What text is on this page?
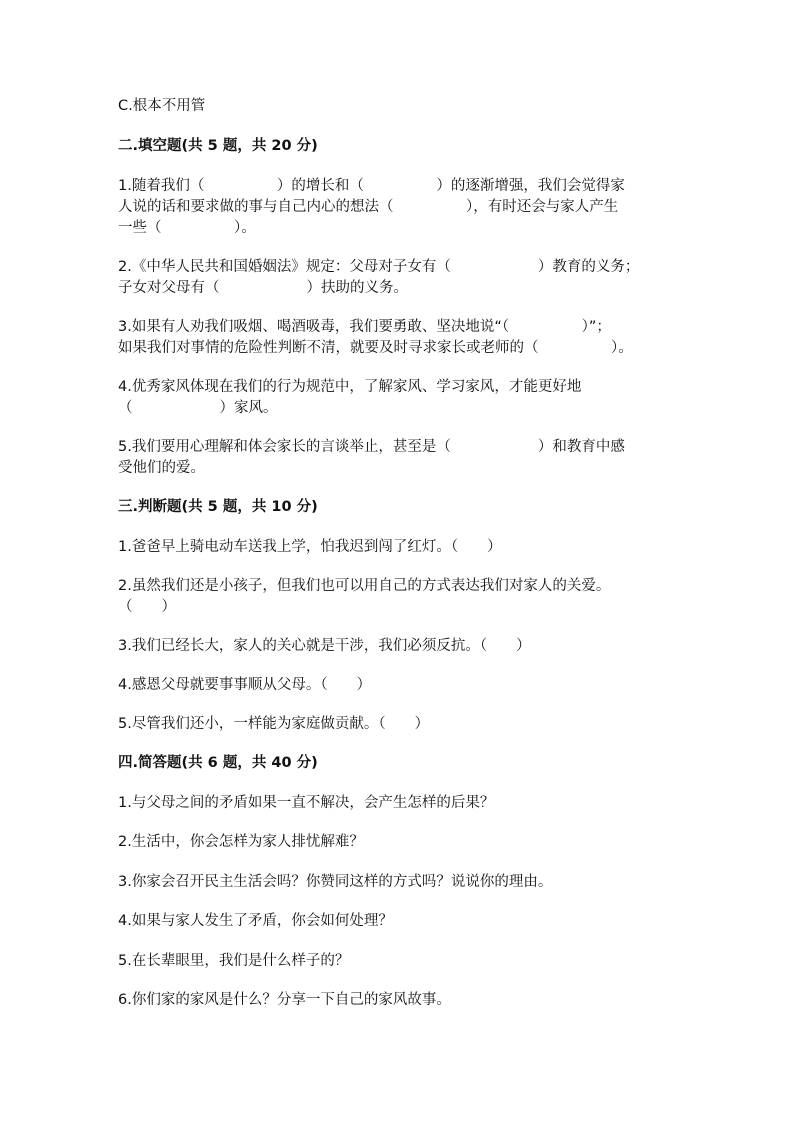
C.根本不用管
二.填空题(共 5 题，共 20 分)
1.随着我们（　　　　　）的增长和（　　　　　）的逐渐增强，我们会觉得家
人说的话和要求做的事与自己内心的想法（　　　　　），有时还会与家人产生
一些（　　　　　）。
2.《中华人民共和国婚姻法》规定：父母对子女有（　　　　　　）教育的义务；
子女对父母有（　　　　　　）扶助的义务。
3.如果有人劝我们吸烟、喝酒吸毒，我们要勇敢、坚决地说“（　　　　　）”；
如果我们对事情的危险性判断不清，就要及时寻求家长或老师的（　　　　　）。
4.优秀家风体现在我们的行为规范中，了解家风、学习家风，才能更好地
（　　　　　　）家风。
5.我们要用心理解和体会家长的言谈举止，甚至是（　　　　　　）和教育中感
受他们的爱。
三.判断题(共 5 题，共 10 分)
1.爸爸早上骑电动车送我上学，怕我迟到闯了红灯。（　　）
2.虽然我们还是小孩子，但我们也可以用自己的方式表达我们对家人的关爱。
（　　）
3.我们已经长大，家人的关心就是干涉，我们必须反抗。（　　）
4.感恩父母就要事事顺从父母。（　　）
5.尽管我们还小，一样能为家庭做贡献。（　　）
四.简答题(共 6 题，共 40 分)
1.与父母之间的矛盾如果一直不解决，会产生怎样的后果？
2.生活中，你会怎样为家人排忧解难？
3.你家会召开民主生活会吗？你赞同这样的方式吗？说说你的理由。
4.如果与家人发生了矛盾，你会如何处理？
5.在长辈眼里，我们是什么样子的？
6.你们家的家风是什么？分享一下自己的家风故事。
